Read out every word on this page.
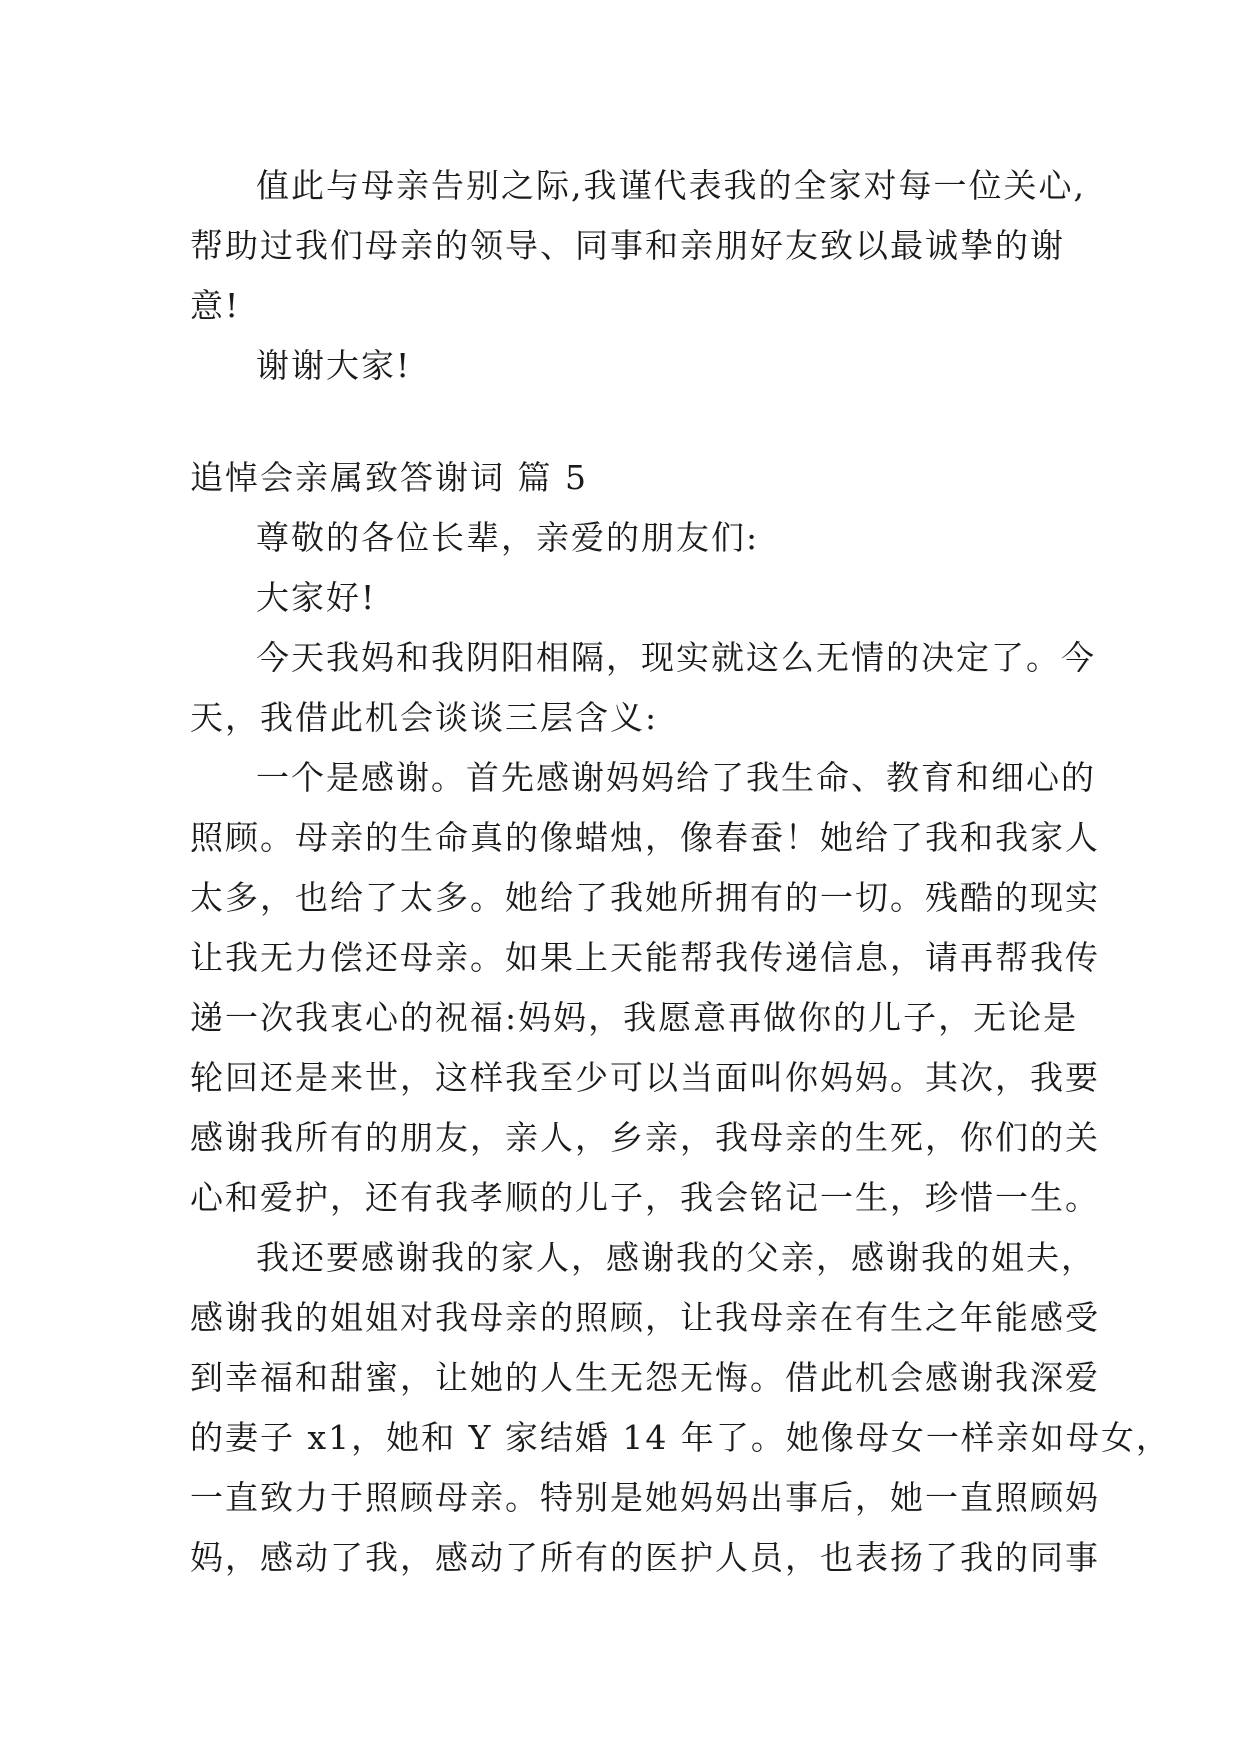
值此与母亲告别之际,我谨代表我的全家对每一位关心,

帮助过我们母亲的领导、同事和亲朋好友致以最诚挚的谢

意!

谢谢大家!

追悼会亲属致答谢词 篇 5

尊敬的各位长辈，亲爱的朋友们:

大家好!

今天我妈和我阴阳相隔，现实就这么无情的决定了。今

天，我借此机会谈谈三层含义:

一个是感谢。首先感谢妈妈给了我生命、教育和细心的

照顾。母亲的生命真的像蜡烛，像春蚕！她给了我和我家人

太多，也给了太多。她给了我她所拥有的一切。残酷的现实

让我无力偿还母亲。如果上天能帮我传递信息，请再帮我传

递一次我衷心的祝福:妈妈，我愿意再做你的儿子，无论是

轮回还是来世，这样我至少可以当面叫你妈妈。其次，我要

感谢我所有的朋友，亲人，乡亲，我母亲的生死，你们的关

心和爱护，还有我孝顺的儿子，我会铭记一生，珍惜一生。

我还要感谢我的家人，感谢我的父亲，感谢我的姐夫，

感谢我的姐姐对我母亲的照顾，让我母亲在有生之年能感受

到幸福和甜蜜，让她的人生无怨无悔。借此机会感谢我深爱

的妻子 x1，她和 Y 家结婚 14 年了。她像母女一样亲如母女，

一直致力于照顾母亲。特别是她妈妈出事后，她一直照顾妈

妈，感动了我，感动了所有的医护人员，也表扬了我的同事
